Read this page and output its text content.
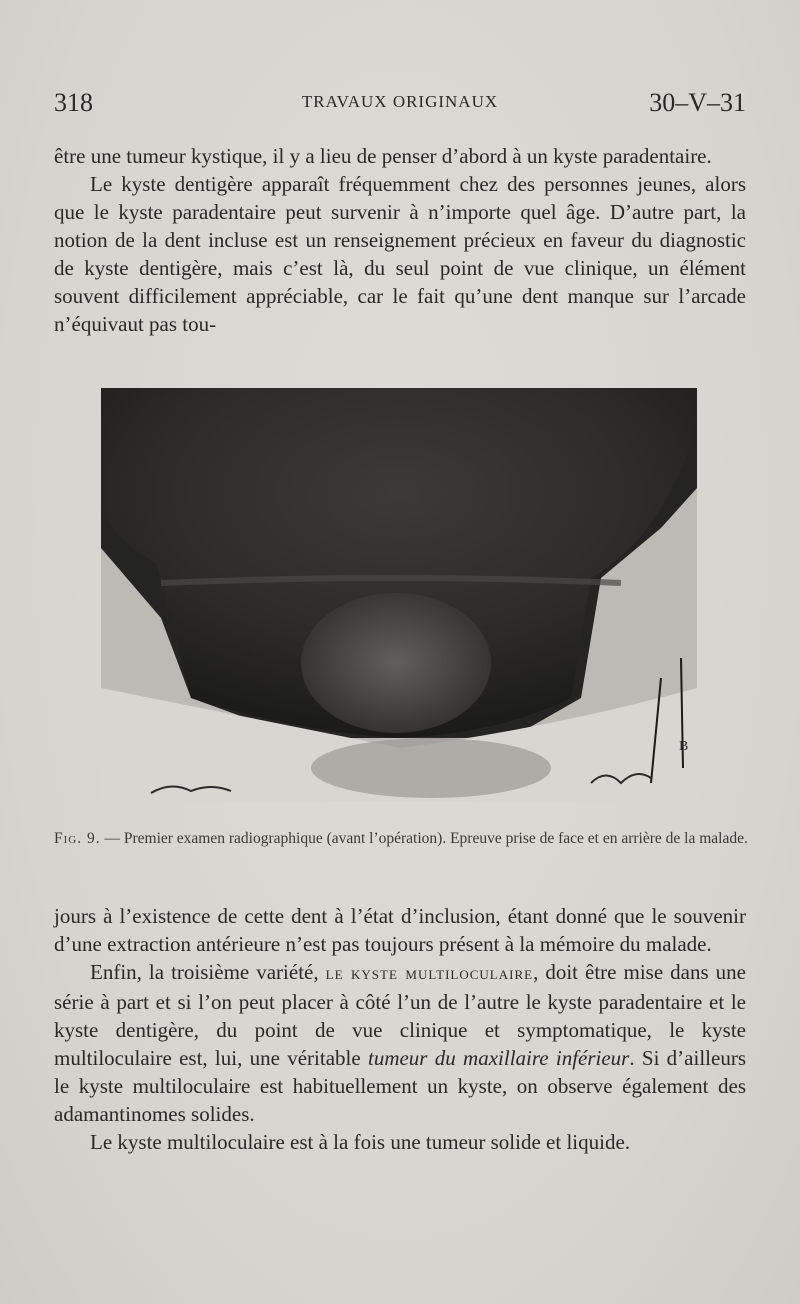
318	TRAVAUX ORIGINAUX	30–V–31

être une tumeur kystique, il y a lieu de penser d’abord à un kyste paradentaire.

Le kyste dentigère apparaît fréquemment chez des personnes jeunes, alors que le kyste paradentaire peut survenir à n’importe quel âge. D’autre part, la notion de la dent incluse est un renseignement précieux en faveur du diagnostic de kyste dentigère, mais c’est là, du seul point de vue clinique, un élément souvent difficilement appréciable, car le fait qu’une dent manque sur l’arcade n’équivaut pas tou-

B
Fig. 9. — Premier examen radiographique (avant l’opération). Epreuve prise de face et en arrière de la malade.

jours à l’existence de cette dent à l’état d’inclusion, étant donné que le souvenir d’une extraction antérieure n’est pas toujours présent à la mémoire du malade.

Enfin, la troisième variété, le kyste multiloculaire, doit être mise dans une série à part et si l’on peut placer à côté l’un de l’autre le kyste paradentaire et le kyste dentigère, du point de vue clinique et symptomatique, le kyste multiloculaire est, lui, une véritable tumeur du maxillaire inférieur. Si d’ailleurs le kyste multiloculaire est habituellement un kyste, on observe également des adamantinomes solides.

Le kyste multiloculaire est à la fois une tumeur solide et liquide.
